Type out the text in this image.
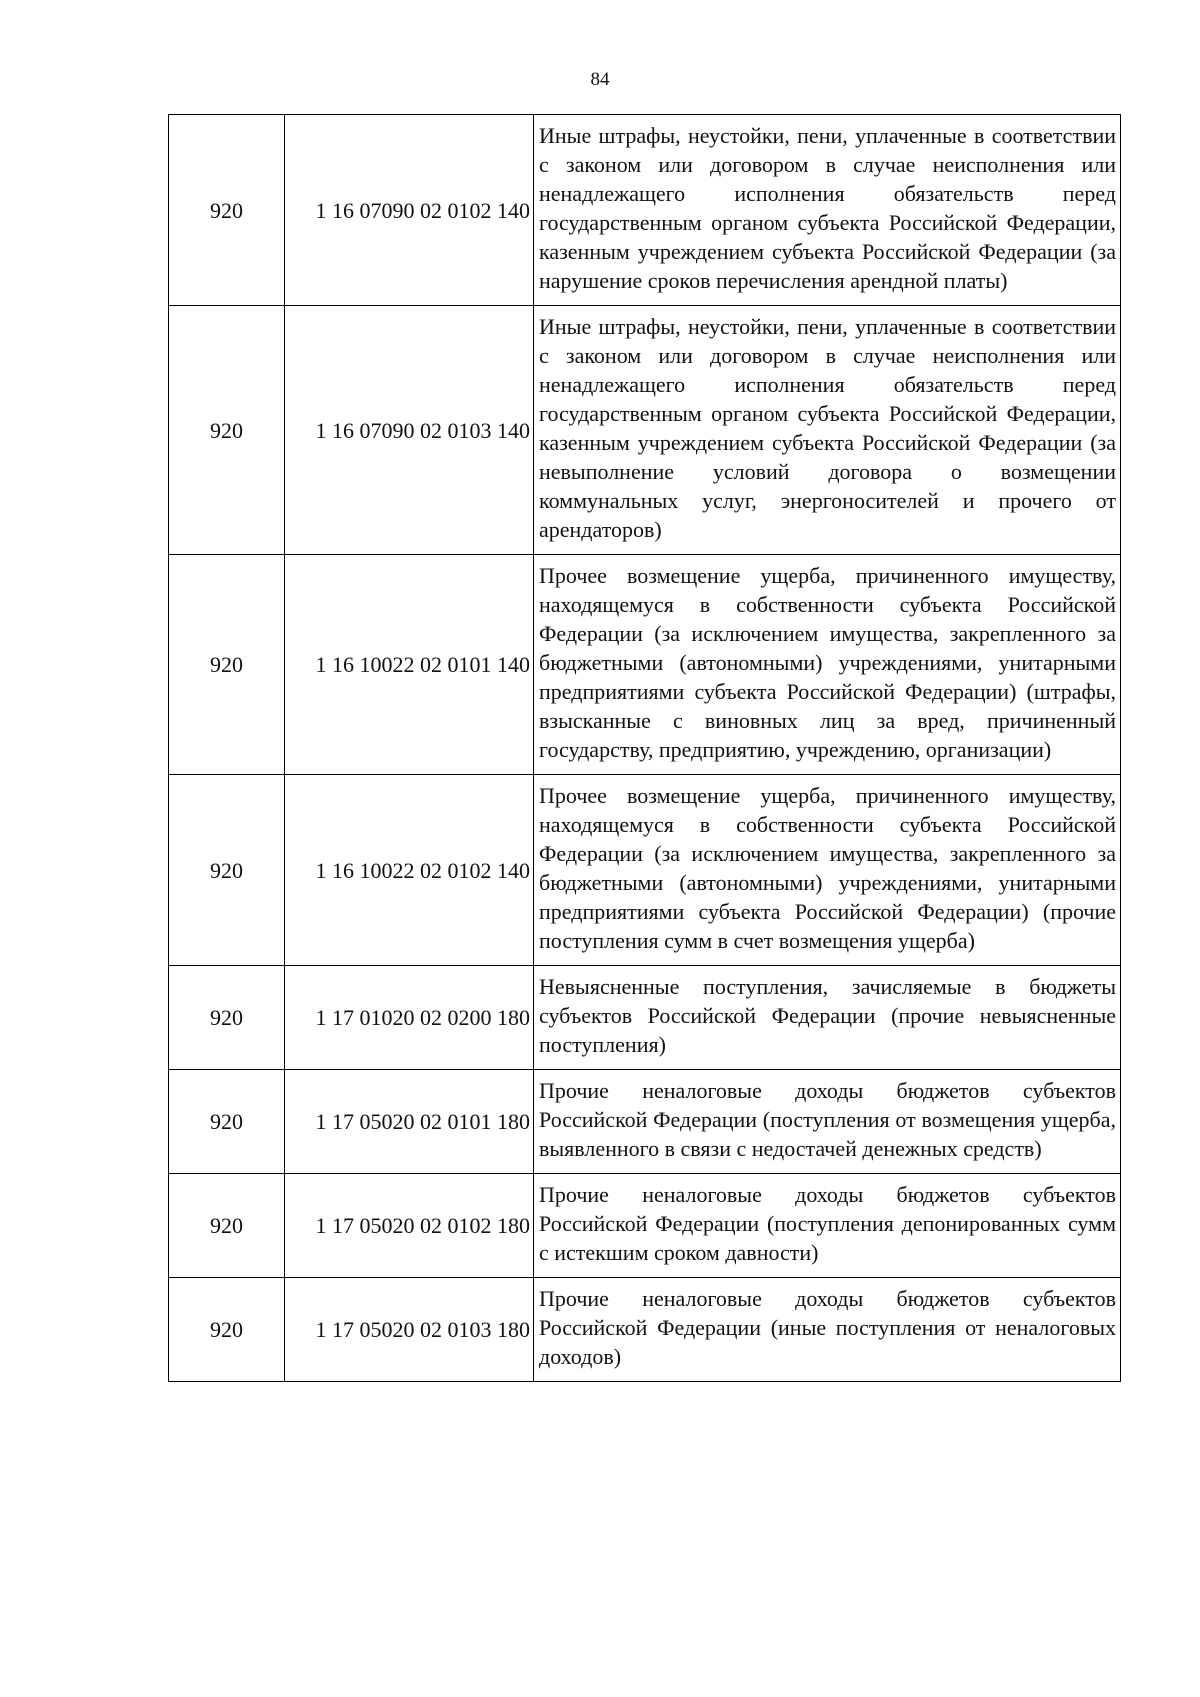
84
920	1 16 07090 02 0102 140	Иные штрафы, неустойки, пени, уплаченные в соответствии с законом или договором в случае неисполнения или ненадлежащего исполнения обязательств перед государственным органом субъекта Российской Федерации, казенным учреждением субъекта Российской Федерации (за нарушение сроков перечисления арендной платы)
920	1 16 07090 02 0103 140	Иные штрафы, неустойки, пени, уплаченные в соответствии с законом или договором в случае неисполнения или ненадлежащего исполнения обязательств перед государственным органом субъекта Российской Федерации, казенным учреждением субъекта Российской Федерации (за невыполнение условий договора о возмещении коммунальных услуг, энергоносителей и прочего от арендаторов)
920	1 16 10022 02 0101 140	Прочее возмещение ущерба, причиненного имуществу, находящемуся в собственности субъекта Российской Федерации (за исключением имущества, закрепленного за бюджетными (автономными) учреждениями, унитарными предприятиями субъекта Российской Федерации) (штрафы, взысканные с виновных лиц за вред, причиненный государству, предприятию, учреждению, организации)
920	1 16 10022 02 0102 140	Прочее возмещение ущерба, причиненного имуществу, находящемуся в собственности субъекта Российской Федерации (за исключением имущества, закрепленного за бюджетными (автономными) учреждениями, унитарными предприятиями субъекта Российской Федерации) (прочие поступления сумм в счет возмещения ущерба)
920	1 17 01020 02 0200 180	Невыясненные поступления, зачисляемые в бюджеты субъектов Российской Федерации (прочие невыясненные поступления)
920	1 17 05020 02 0101 180	Прочие неналоговые доходы бюджетов субъектов Российской Федерации (поступления от возмещения ущерба, выявленного в связи с недостачей денежных средств)
920	1 17 05020 02 0102 180	Прочие неналоговые доходы бюджетов субъектов Российской Федерации (поступления депонированных сумм с истекшим сроком давности)
920	1 17 05020 02 0103 180	Прочие неналоговые доходы бюджетов субъектов Российской Федерации (иные поступления от неналоговых доходов)
